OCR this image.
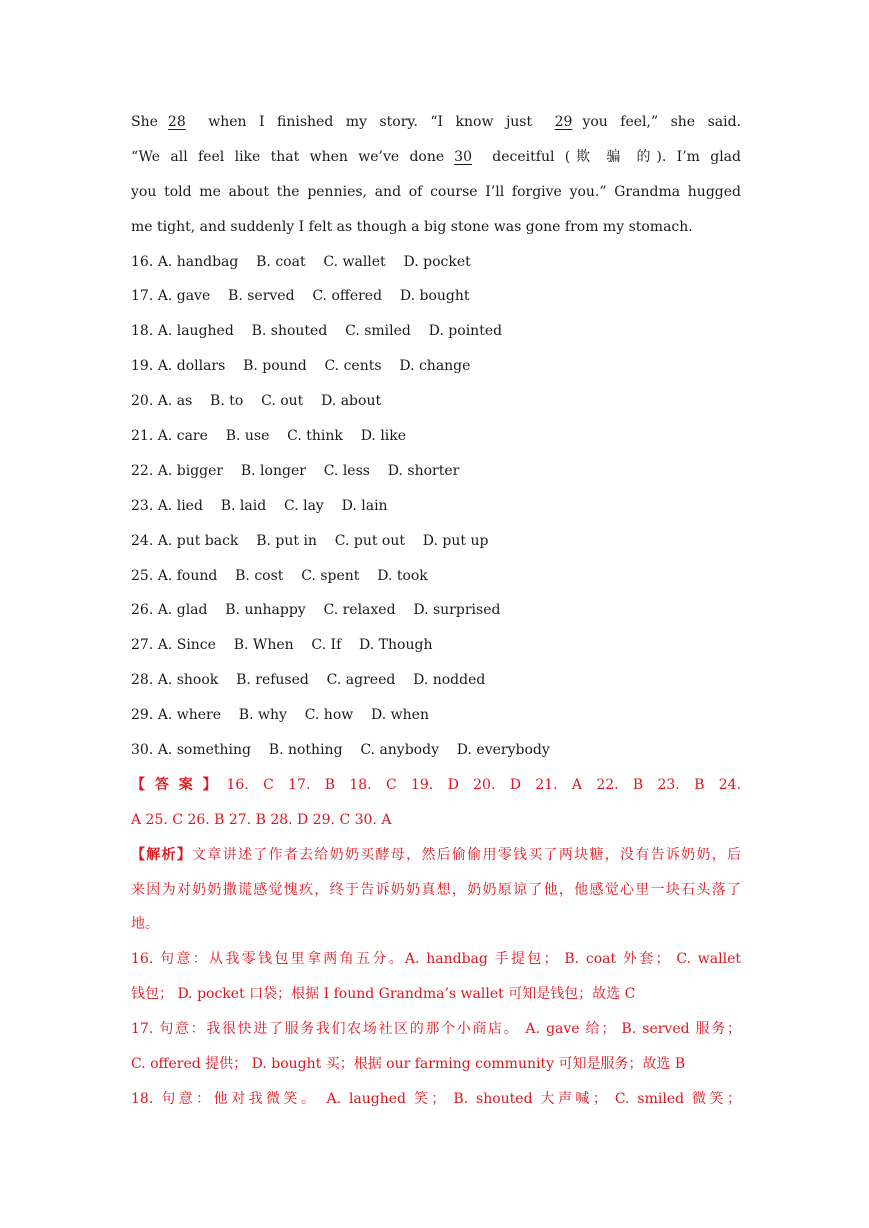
She 28 when I finished my story. “I know just 29 you feel,” she said.
“We all feel like that when we’ve done 30 deceitful (欺 骗 的). I’m glad
you told me about the pennies, and of course I’ll forgive you.” Grandma hugged
me tight, and suddenly I felt as though a big stone was gone from my stomach.
16. A. handbag    B. coat    C. wallet    D. pocket
17. A. gave    B. served    C. offered    D. bought
18. A. laughed    B. shouted    C. smiled    D. pointed
19. A. dollars    B. pound    C. cents    D. change
20. A. as    B. to    C. out    D. about
21. A. care    B. use    C. think    D. like
22. A. bigger    B. longer    C. less    D. shorter
23. A. lied    B. laid    C. lay    D. lain
24. A. put back    B. put in    C. put out    D. put up
25. A. found    B. cost    C. spent    D. took
26. A. glad    B. unhappy    C. relaxed    D. surprised
27. A. Since    B. When    C. If    D. Though
28. A. shook    B. refused    C. agreed    D. nodded
29. A. where    B. why    C. how    D. when
30. A. something    B. nothing    C. anybody    D. everybody
【答案】16. C 17. B 18. C 19. D 20. D 21. A 22. B 23. B 24.
A 25. C 26. B 27. B 28. D 29. C 30. A
【解析】文章讲述了作者去给奶奶买酵母，然后偷偷用零钱买了两块糖，没有告诉奶奶，后
来因为对奶奶撒谎感觉愧疚，终于告诉奶奶真想，奶奶原谅了他，他感觉心里一块石头落了
地。
16. 句意：从我零钱包里拿两角五分。A. handbag 手提包； B. coat 外套； C. wallet
钱包； D. pocket 口袋；根据 I found Grandma’s wallet 可知是钱包；故选 C
17. 句意：我很快进了服务我们农场社区的那个小商店。 A. gave 给； B. served 服务；
C. offered 提供； D. bought 买；根据 our farming community 可知是服务；故选 B
18. 句意：他对我微笑。 A. laughed 笑； B. shouted 大声喊； C. smiled 微笑；
